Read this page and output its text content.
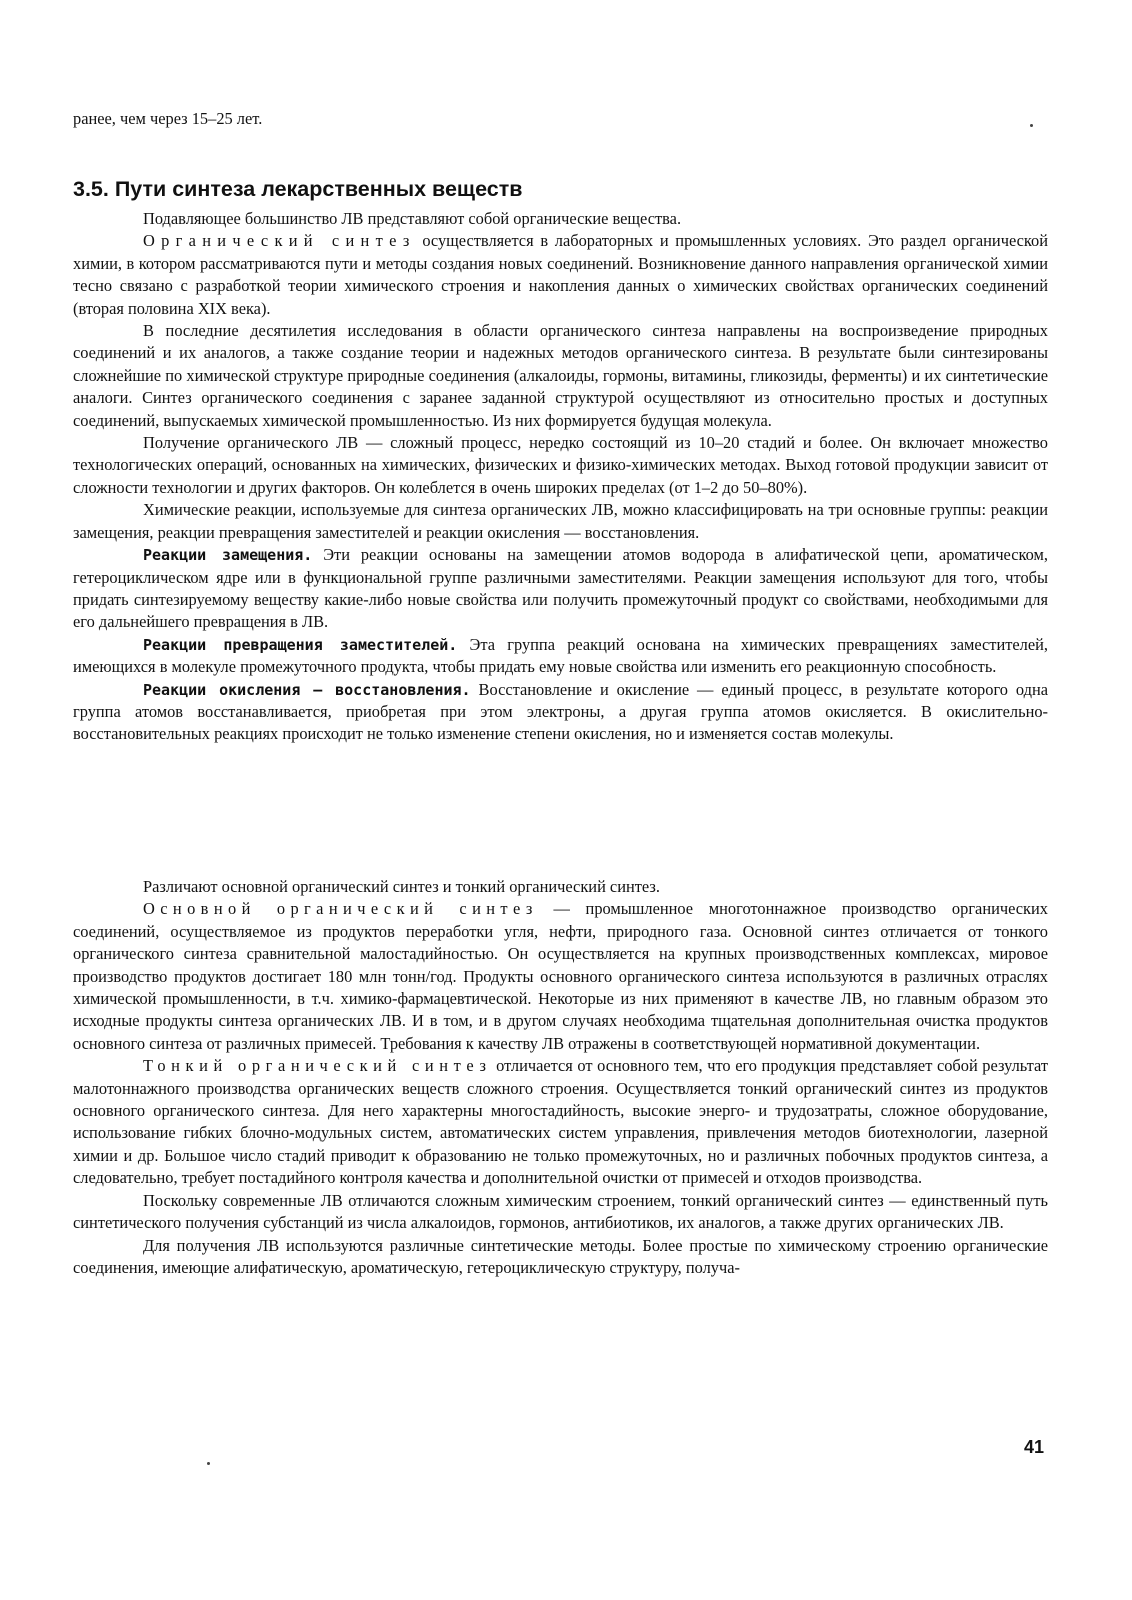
ранее, чем через 15–25 лет.

3.5. Пути синтеза лекарственных веществ

Подавляющее большинство ЛВ представляют собой органические вещества.

Органический синтез осуществляется в лабораторных и промышленных условиях. Это раздел органической химии, в котором рассматриваются пути и методы создания новых соединений. Возникновение данного направления органической химии тесно связано с разработкой теории химического строения и накопления данных о химических свойствах органических соединений (вторая половина XIX века).

В последние десятилетия исследования в области органического синтеза направлены на воспроизведение природных соединений и их аналогов, а также создание теории и надежных методов органического синтеза. В результате были синтезированы сложнейшие по химической структуре природные соединения (алкалоиды, гормоны, витамины, гликозиды, ферменты) и их синтетические аналоги. Синтез органического соединения с заранее заданной структурой осуществляют из относительно простых и доступных соединений, выпускаемых химической промышленностью. Из них формируется будущая молекула.

Получение органического ЛВ — сложный процесс, нередко состоящий из 10–20 стадий и более. Он включает множество технологических операций, основанных на химических, физических и физико-химических методах. Выход готовой продукции зависит от сложности технологии и других факторов. Он колеблется в очень широких пределах (от 1–2 до 50–80%).

Химические реакции, используемые для синтеза органических ЛВ, можно классифицировать на три основные группы: реакции замещения, реакции превращения заместителей и реакции окисления — восстановления.

Реакции замещения. Эти реакции основаны на замещении атомов водорода в алифатической цепи, ароматическом, гетероциклическом ядре или в функциональной группе различными заместителями. Реакции замещения используют для того, чтобы придать синтезируемому веществу какие-либо новые свойства или получить промежуточный продукт со свойствами, необходимыми для его дальнейшего превращения в ЛВ.

Реакции превращения заместителей. Эта группа реакций основана на химических превращениях заместителей, имеющихся в молекуле промежуточного продукта, чтобы придать ему новые свойства или изменить его реакционную способность.

Реакции окисления – восстановления. Восстановление и окисление — единый процесс, в результате которого одна группа атомов восстанавливается, приобретая при этом электроны, а другая группа атомов окисляется. В окислительно-восстановительных реакциях происходит не только изменение степени окисления, но и изменяется состав молекулы.

Различают основной органический синтез и тонкий органический синтез.

Основной органический синтез — промышленное многотоннажное производство органических соединений, осуществляемое из продуктов переработки угля, нефти, природного газа. Основной синтез отличается от тонкого органического синтеза сравнительной малостадийностью. Он осуществляется на крупных производственных комплексах, мировое производство продуктов достигает 180 млн тонн/год. Продукты основного органического синтеза используются в различных отраслях химической промышленности, в т.ч. химико-фармацевтической. Некоторые из них применяют в качестве ЛВ, но главным образом это исходные продукты синтеза органических ЛВ. И в том, и в другом случаях необходима тщательная дополнительная очистка продуктов основного синтеза от различных примесей. Требования к качеству ЛВ отражены в соответствующей нормативной документации.

Тонкий органический синтез отличается от основного тем, что его продукция представляет собой результат малотоннажного производства органических веществ сложного строения. Осуществляется тонкий органический синтез из продуктов основного органического синтеза. Для него характерны многостадийность, высокие энерго- и трудозатраты, сложное оборудование, использование гибких блочно-модульных систем, автоматических систем управления, привлечения методов биотехнологии, лазерной химии и др. Большое число стадий приводит к образованию не только промежуточных, но и различных побочных продуктов синтеза, а следовательно, требует постадийного контроля качества и дополнительной очистки от примесей и отходов производства.

Поскольку современные ЛВ отличаются сложным химическим строением, тонкий органический синтез — единственный путь синтетического получения субстанций из числа алкалоидов, гормонов, антибиотиков, их аналогов, а также других органических ЛВ.

Для получения ЛВ используются различные синтетические методы. Более простые по химическому строению органические соединения, имеющие алифатическую, ароматическую, гетероциклическую структуру, получа-

41
